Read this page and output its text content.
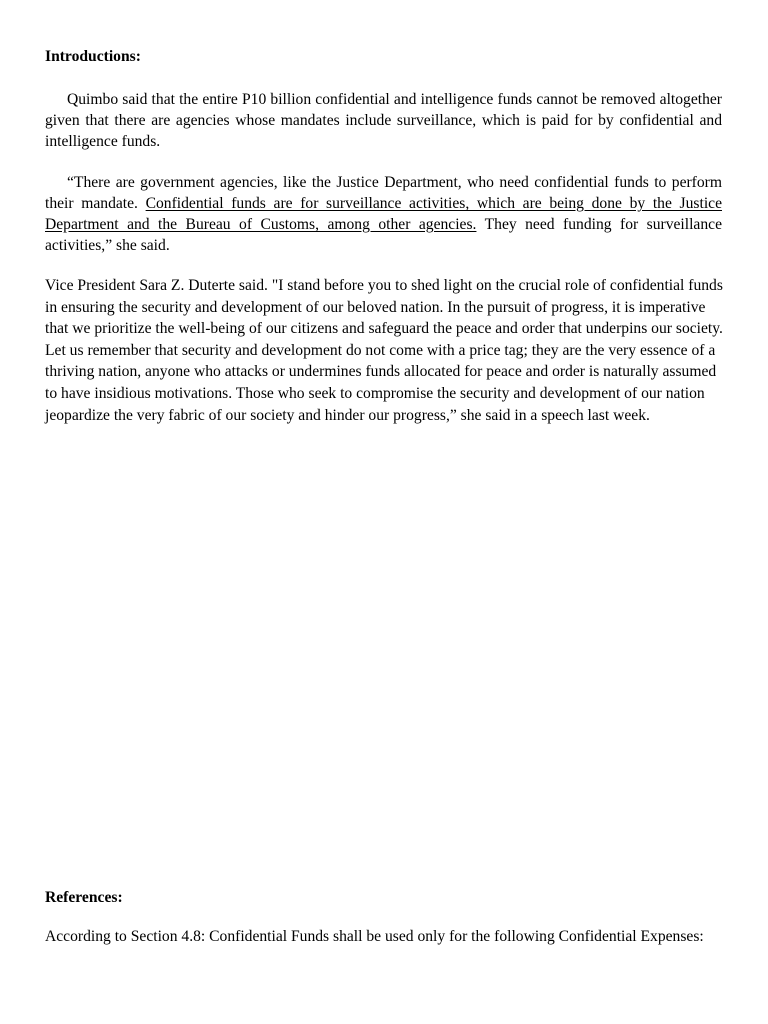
Introductions:

Quimbo said that the entire P10 billion confidential and intelligence funds cannot be removed altogether given that there are agencies whose mandates include surveillance, which is paid for by confidential and intelligence funds.

“There are government agencies, like the Justice Department, who need confidential funds to perform their mandate. Confidential funds are for surveillance activities, which are being done by the Justice Department and the Bureau of Customs, among other agencies. They need funding for surveillance activities,” she said.

Vice President Sara Z. Duterte said. "I stand before you to shed light on the crucial role of confidential funds in ensuring the security and development of our beloved nation. In the pursuit of progress, it is imperative that we prioritize the well-being of our citizens and safeguard the peace and order that underpins our society. Let us remember that security and development do not come with a price tag; they are the very essence of a thriving nation, anyone who attacks or undermines funds allocated for peace and order is naturally assumed to have insidious motivations. Those who seek to compromise the security and development of our nation jeopardize the very fabric of our society and hinder our progress,” she said in a speech last week.

References:

According to Section 4.8: Confidential Funds shall be used only for the following Confidential Expenses:
